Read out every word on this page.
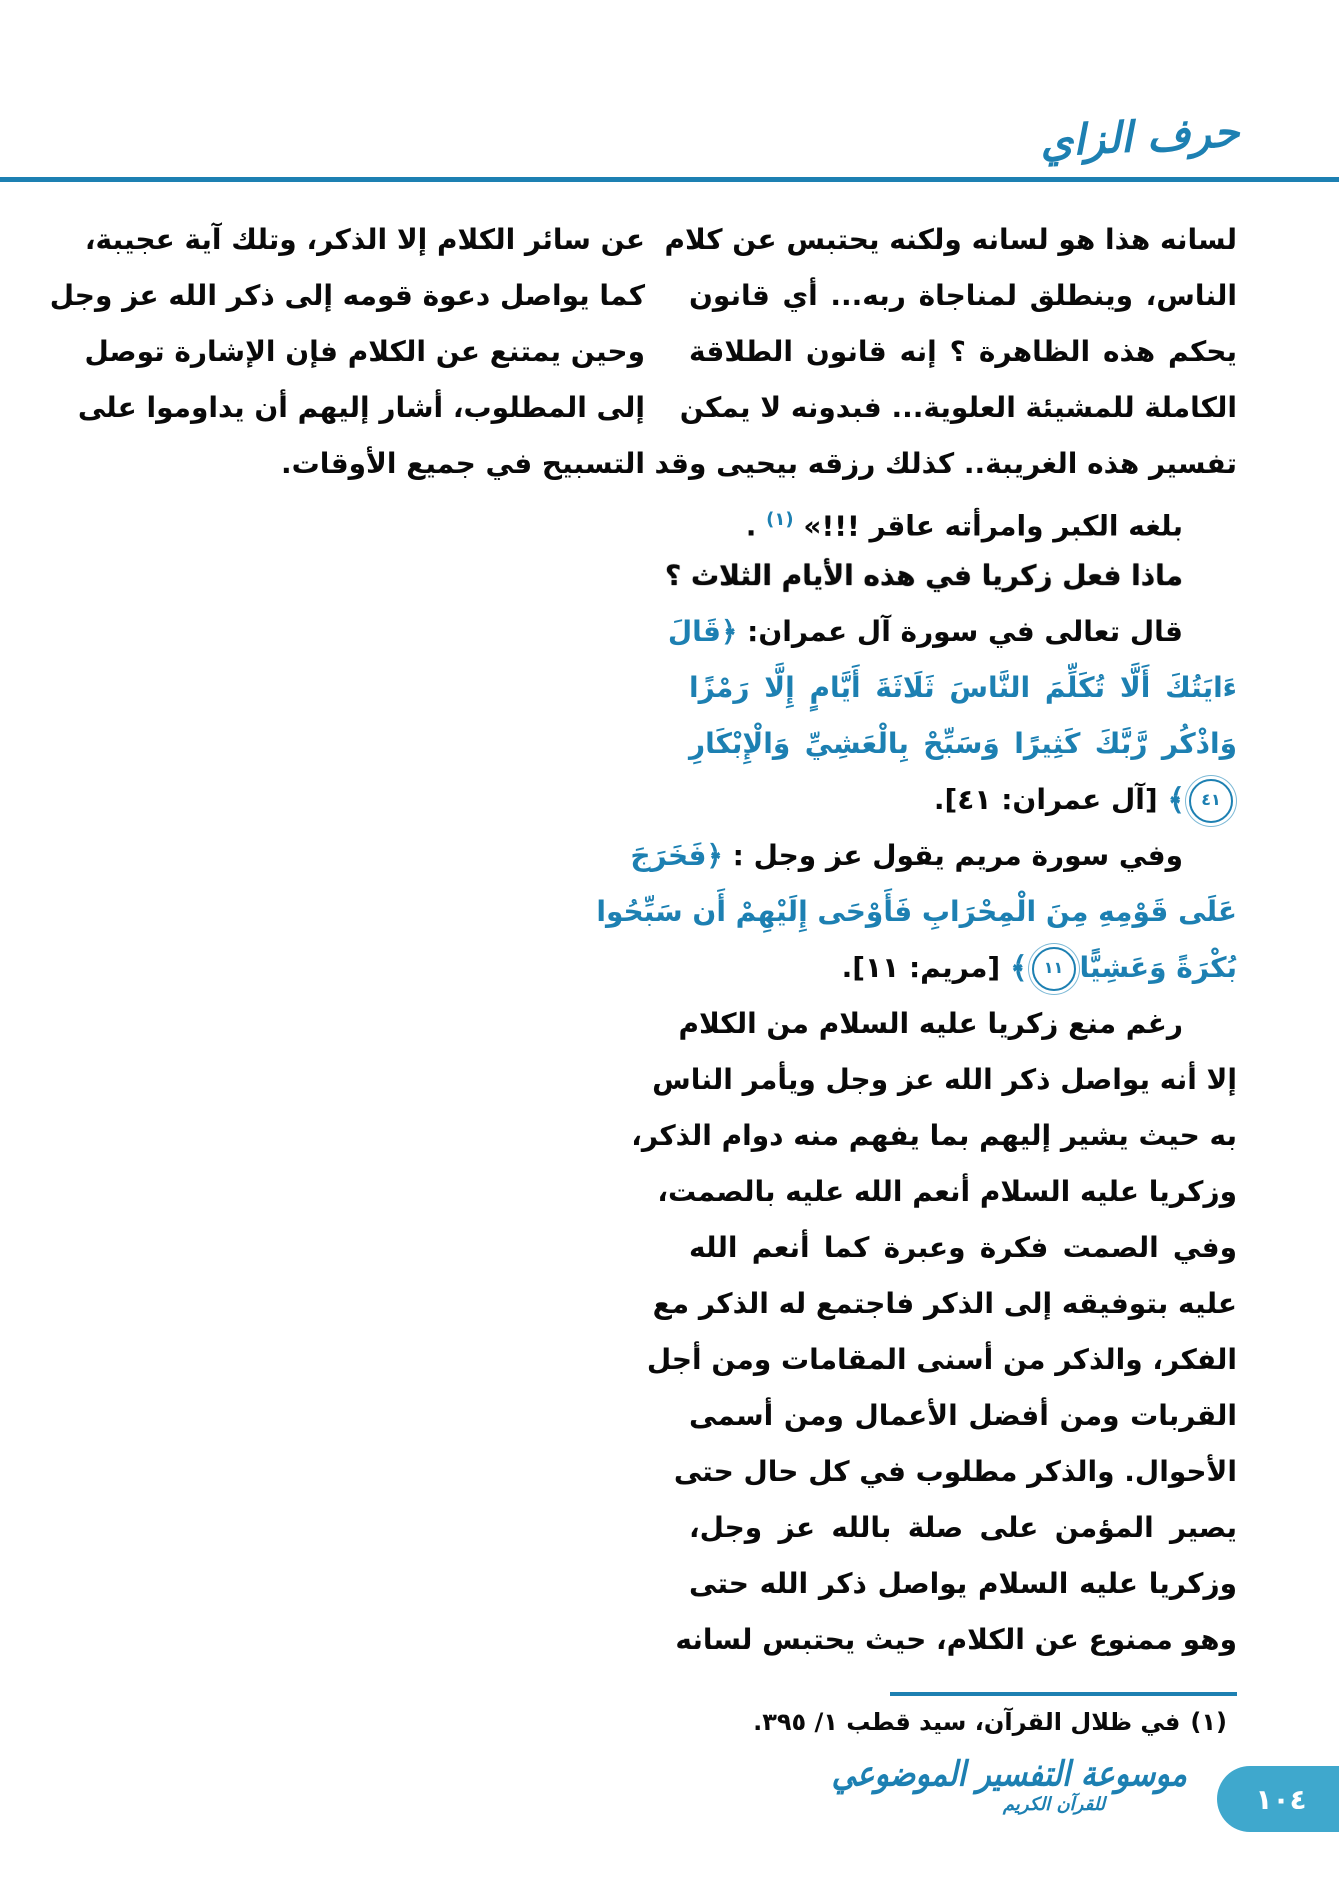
حرف الزاي
لسانه هذا هو لسانه ولكنه يحتبس عن كلام
الناس، وينطلق لمناجاة ربه... أي قانون
يحكم هذه الظاهرة ؟ إنه قانون الطلاقة
الكاملة للمشيئة العلوية... فبدونه لا يمكن
تفسير هذه الغريبة.. كذلك رزقه بيحيى وقد
بلغه الكبر وامرأته عاقر !!!» $^{(١)}$ .
ماذا فعل زكريا في هذه الأيام الثلاث ؟
قال تعالى في سورة آل عمران: ﴿قَالَ
ءَايَتُكَ أَلَّا تُكَلِّمَ النَّاسَ ثَلَاثَةَ أَيَّامٍ إِلَّا رَمْزًا
وَاذْكُر رَّبَّكَ كَثِيرًا وَسَبِّحْ بِالْعَشِيِّ وَالْإِبْكَارِ
٤١﴾ [آل عمران: ٤١].
وفي سورة مريم يقول عز وجل : ﴿فَخَرَجَ
عَلَى قَوْمِهِ مِنَ الْمِحْرَابِ فَأَوْحَى إِلَيْهِمْ أَن سَبِّحُوا
بُكْرَةً وَعَشِيًّا١١﴾ [مريم: ١١].
رغم منع زكريا عليه السلام من الكلام
إلا أنه يواصل ذكر الله عز وجل ويأمر الناس
به حيث يشير إليهم بما يفهم منه دوام الذكر،
وزكريا عليه السلام أنعم الله عليه بالصمت،
وفي الصمت فكرة وعبرة كما أنعم الله
عليه بتوفيقه إلى الذكر فاجتمع له الذكر مع
الفكر، والذكر من أسنى المقامات ومن أجل
القربات ومن أفضل الأعمال ومن أسمى
الأحوال. والذكر مطلوب في كل حال حتى
يصير المؤمن على صلة بالله عز وجل،
وزكريا عليه السلام يواصل ذكر الله حتى
وهو ممنوع عن الكلام، حيث يحتبس لسانه
عن سائر الكلام إلا الذكر، وتلك آية عجيبة،
كما يواصل دعوة قومه إلى ذكر الله عز وجل
وحين يمتنع عن الكلام فإن الإشارة توصل
إلى المطلوب، أشار إليهم أن يداوموا على
التسبيح في جميع الأوقات.
(١)في ظلال القرآن، سيد قطب ١/ ٣٩٥.
موسوعة التفسير الموضوعي
للقرآن الكريم	١٠٤
